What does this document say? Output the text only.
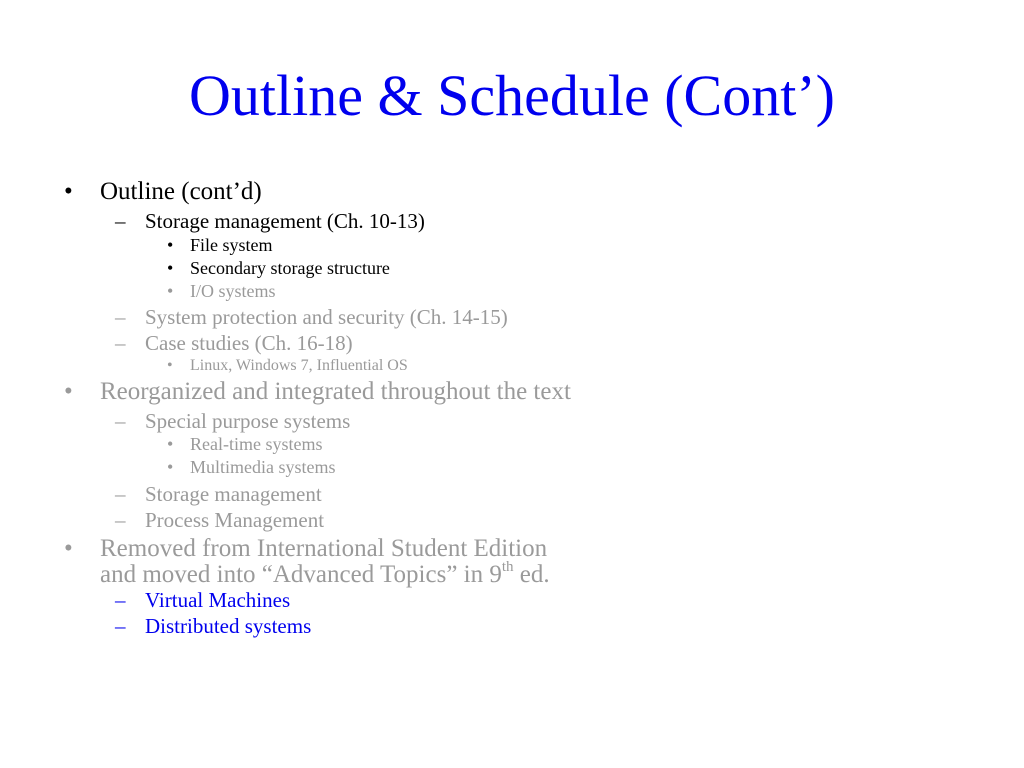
Outline & Schedule (Cont’)
• Outline (cont’d)
– Storage management (Ch. 10-13)
• File system
• Secondary storage structure
• I/O systems
– System protection and security (Ch. 14-15)
– Case studies (Ch. 16-18)
• Linux, Windows 7, Influential OS
• Reorganized and integrated throughout the text
– Special purpose systems
• Real-time systems
• Multimedia systems
– Storage management
– Process Management
• Removed from International Student Edition
and moved into “Advanced Topics” in 9th ed.
– Virtual Machines
– Distributed systems
